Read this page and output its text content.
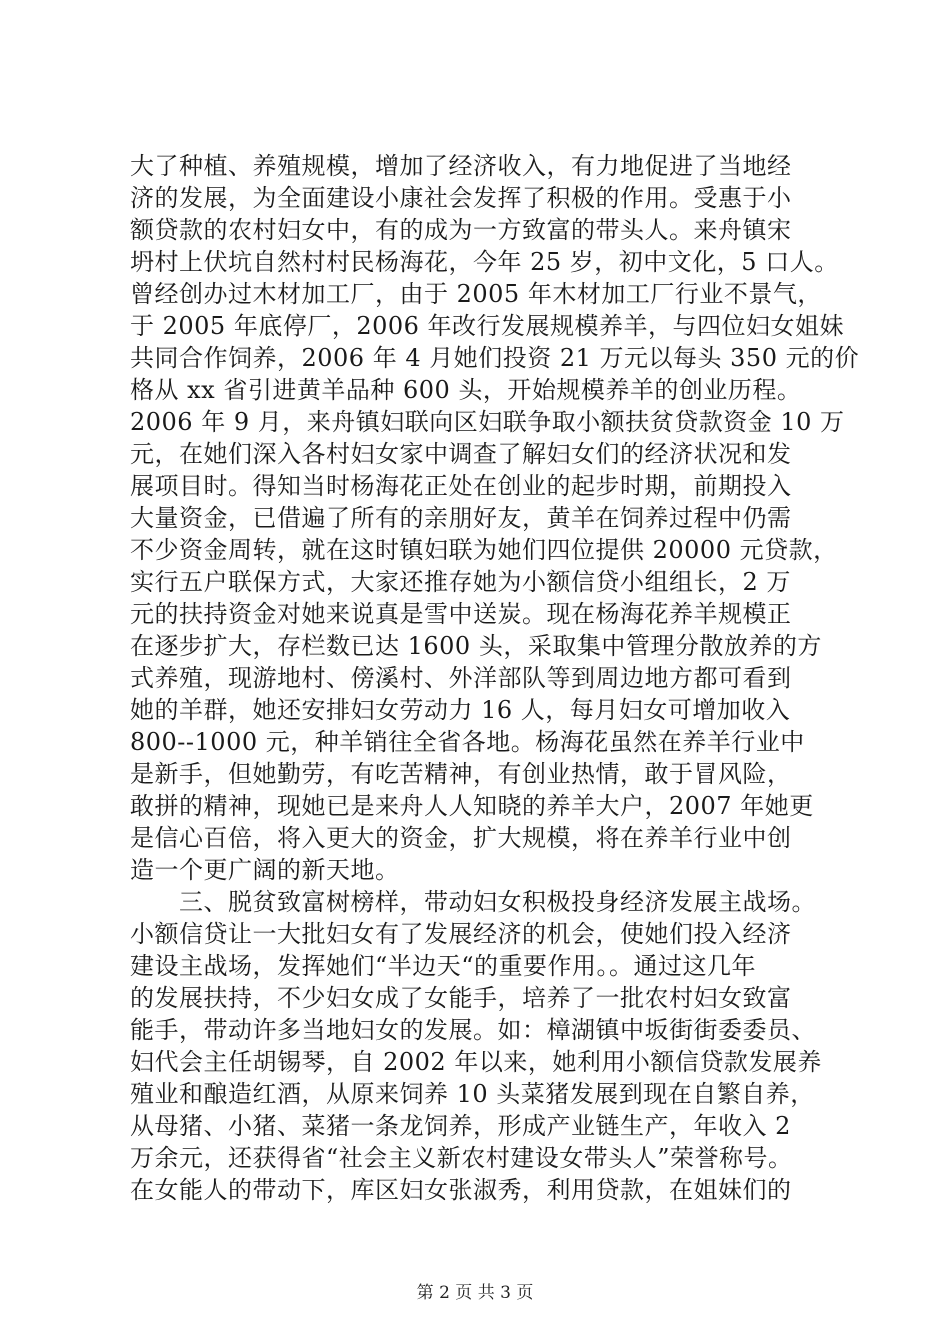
大了种植、养殖规模，增加了经济收入，有力地促进了当地经
济的发展，为全面建设小康社会发挥了积极的作用。受惠于小
额贷款的农村妇女中，有的成为一方致富的带头人。来舟镇宋
坍村上伏坑自然村村民杨海花，今年 25 岁，初中文化，5 口人。
曾经创办过木材加工厂，由于 2005 年木材加工厂行业不景气，
于 2005 年底停厂，2006 年改行发展规模养羊，与四位妇女姐妹
共同合作饲养，2006 年 4 月她们投资 21 万元以每头 350 元的价
格从 xx 省引进黄羊品种 600 头，开始规模养羊的创业历程。
2006 年 9 月，来舟镇妇联向区妇联争取小额扶贫贷款资金 10 万
元，在她们深入各村妇女家中调查了解妇女们的经济状况和发
展项目时。得知当时杨海花正处在创业的起步时期，前期投入
大量资金，已借遍了所有的亲朋好友，黄羊在饲养过程中仍需
不少资金周转，就在这时镇妇联为她们四位提供 20000 元贷款，
实行五户联保方式，大家还推存她为小额信贷小组组长，2 万
元的扶持资金对她来说真是雪中送炭。现在杨海花养羊规模正
在逐步扩大，存栏数已达 1600 头，采取集中管理分散放养的方
式养殖，现游地村、傍溪村、外洋部队等到周边地方都可看到
她的羊群，她还安排妇女劳动力 16 人，每月妇女可增加收入
800--1000 元，种羊销往全省各地。杨海花虽然在养羊行业中
是新手，但她勤劳，有吃苦精神，有创业热情，敢于冒风险，
敢拼的精神，现她已是来舟人人知晓的养羊大户，2007 年她更
是信心百倍，将入更大的资金，扩大规模，将在养羊行业中创
造一个更广阔的新天地。
　　三、脱贫致富树榜样，带动妇女积极投身经济发展主战场。
小额信贷让一大批妇女有了发展经济的机会，使她们投入经济
建设主战场，发挥她们“半边天“的重要作用。。通过这几年
的发展扶持，不少妇女成了女能手，培养了一批农村妇女致富
能手，带动许多当地妇女的发展。如：樟湖镇中坂街街委委员、
妇代会主任胡锡琴，自 2002 年以来，她利用小额信贷款发展养
殖业和酿造红酒，从原来饲养 10 头菜猪发展到现在自繁自养，
从母猪、小猪、菜猪一条龙饲养，形成产业链生产，年收入 2
万余元，还获得省“社会主义新农村建设女带头人”荣誉称号。
在女能人的带动下，库区妇女张淑秀，利用贷款，在姐妹们的
第 2 页 共 3 页
